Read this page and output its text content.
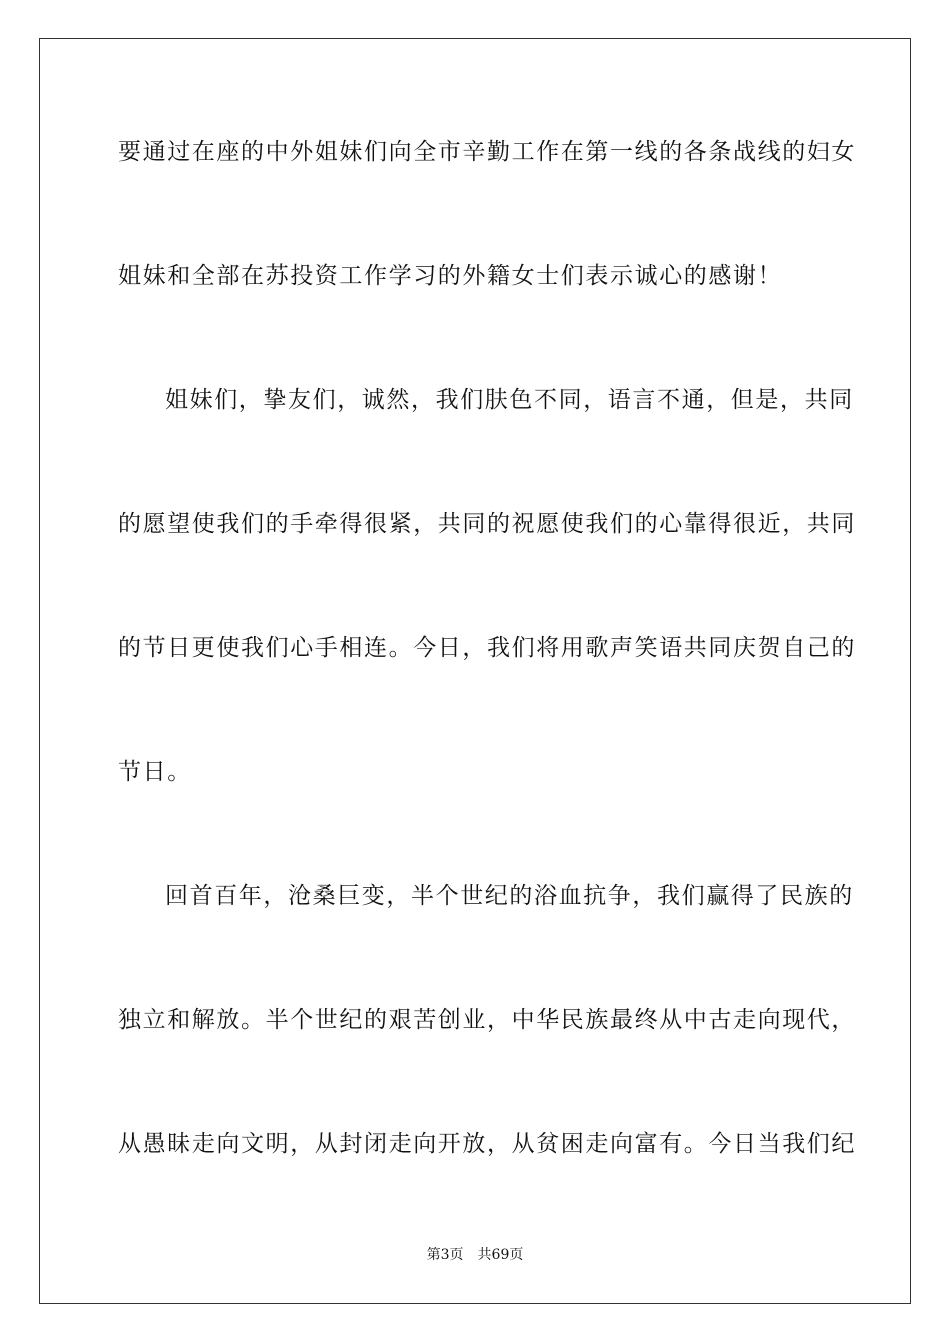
要通过在座的中外姐妹们向全市辛勤工作在第一线的各条战线的妇女
姐妹和全部在苏投资工作学习的外籍女士们表示诚心的感谢！
姐妹们，挚友们，诚然，我们肤色不同，语言不通，但是，共同
的愿望使我们的手牵得很紧，共同的祝愿使我们的心靠得很近，共同
的节日更使我们心手相连。今日，我们将用歌声笑语共同庆贺自己的
节日。
回首百年，沧桑巨变，半个世纪的浴血抗争，我们赢得了民族的
独立和解放。半个世纪的艰苦创业，中华民族最终从中古走向现代，
从愚昧走向文明，从封闭走向开放，从贫困走向富有。今日当我们纪
第3页 共69页
